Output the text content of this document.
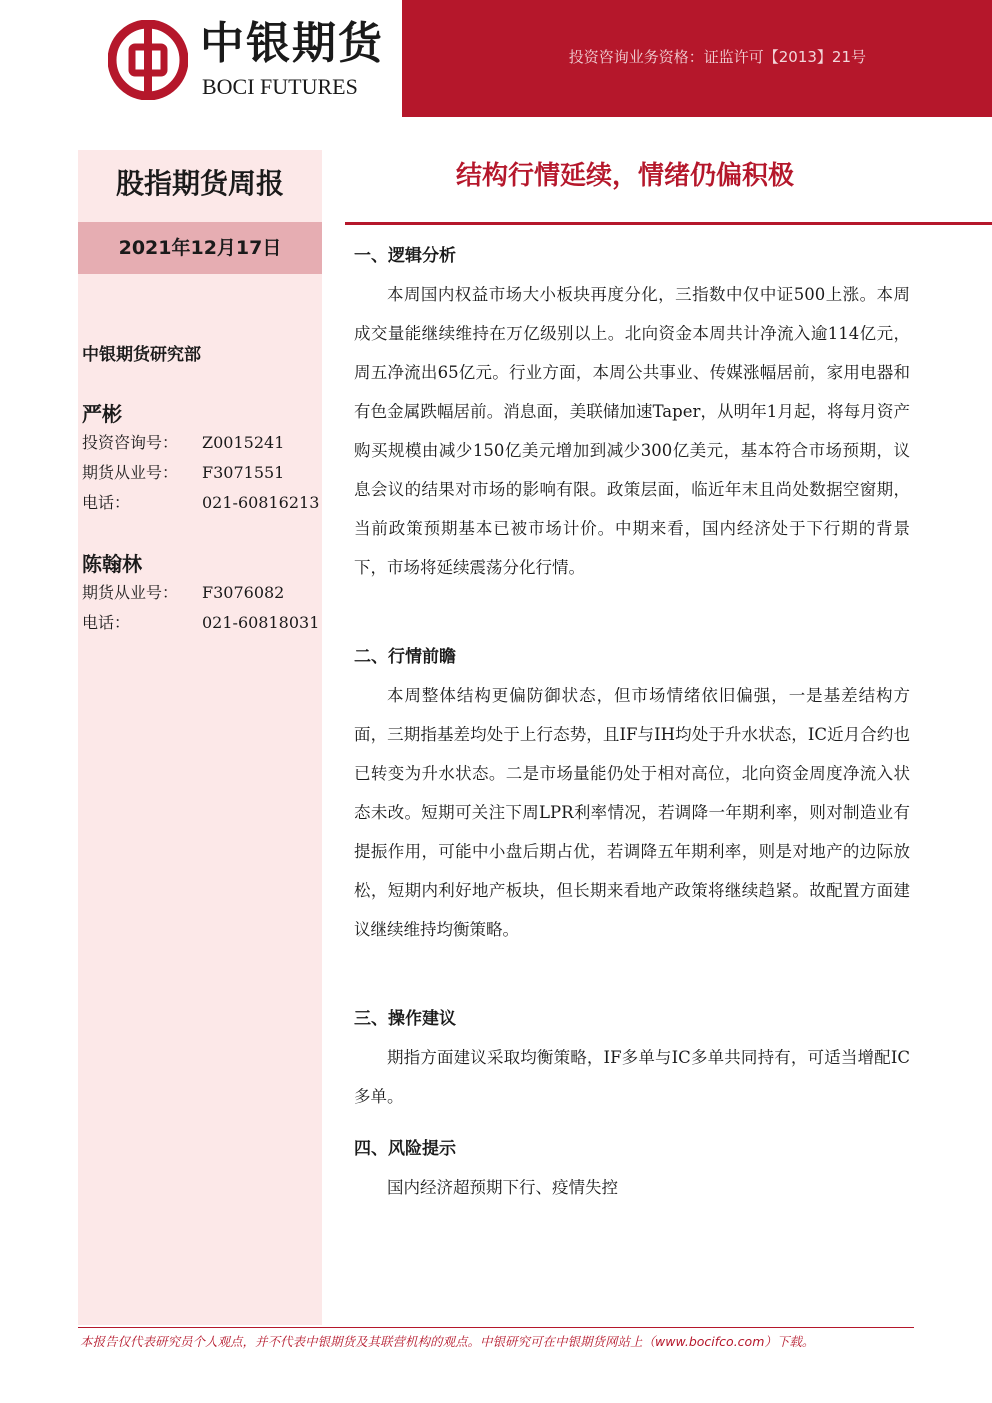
中银期货
BOCI FUTURES
投资咨询业务资格：证监许可【2013】21号
股指期货周报
2021年12月17日
中银期货研究部
严彬
投资咨询号： Z0015241
期货从业号： F3071551
电话：	021-60816213
陈翰林
期货从业号： F3076082
电话：	021-60818031
结构行情延续，情绪仍偏积极
一、逻辑分析
本周国内权益市场大小板块再度分化，三指数中仅中证500上涨。本周成交量能继续维持在万亿级别以上。北向资金本周共计净流入逾114亿元，周五净流出65亿元。行业方面，本周公共事业、传媒涨幅居前，家用电器和有色金属跌幅居前。消息面，美联储加速Taper，从明年1月起，将每月资产购买规模由减少150亿美元增加到减少300亿美元，基本符合市场预期，议息会议的结果对市场的影响有限。政策层面，临近年末且尚处数据空窗期，当前政策预期基本已被市场计价。中期来看，国内经济处于下行期的背景下，市场将延续震荡分化行情。
二、行情前瞻
本周整体结构更偏防御状态，但市场情绪依旧偏强，一是基差结构方面，三期指基差均处于上行态势，且IF与IH均处于升水状态，IC近月合约也已转变为升水状态。二是市场量能仍处于相对高位，北向资金周度净流入状态未改。短期可关注下周LPR利率情况，若调降一年期利率，则对制造业有提振作用，可能中小盘后期占优，若调降五年期利率，则是对地产的边际放松，短期内利好地产板块，但长期来看地产政策将继续趋紧。故配置方面建议继续维持均衡策略。
三、操作建议
期指方面建议采取均衡策略，IF多单与IC多单共同持有，可适当增配IC多单。
四、风险提示
国内经济超预期下行、疫情失控
本报告仅代表研究员个人观点，并不代表中银期货及其联营机构的观点。中银研究可在中银期货网站上（www.bocifco.com）下载。
